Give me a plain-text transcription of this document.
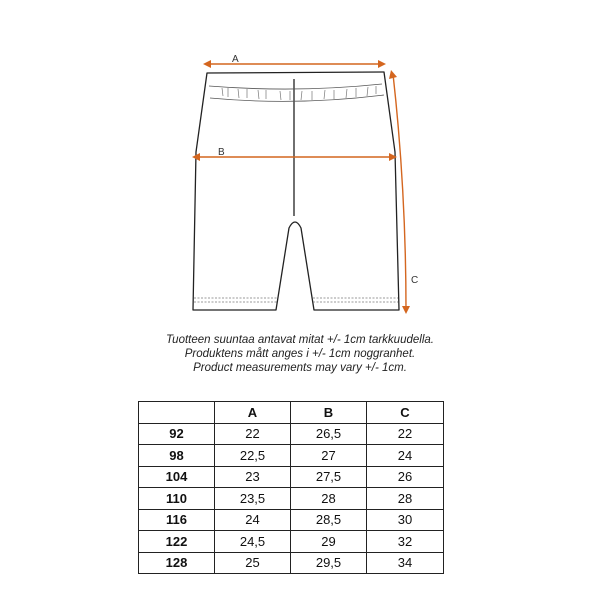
A
B
C
Tuotteen suuntaa antavat mitat +/- 1cm tarkkuudella.
Produktens mått anges i +/- 1cm noggranhet.
Product measurements may vary +/- 1cm.
	A	B	C
92	22	26,5	22
98	22,5	27	24
104	23	27,5	26
110	23,5	28	28
116	24	28,5	30
122	24,5	29	32
128	25	29,5	34
